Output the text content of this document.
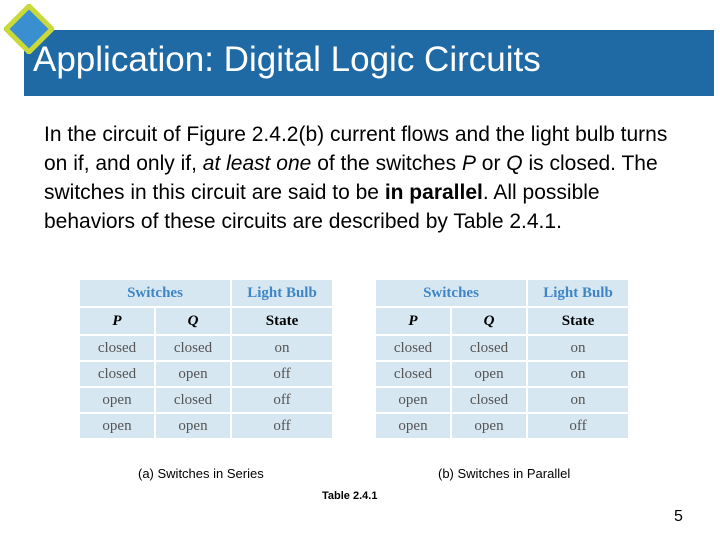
Application: Digital Logic Circuits

In the circuit of Figure 2.4.2(b) current flows and the light bulb turns on if, and only if, at least one of the switches P or Q is closed. The switches in this circuit are said to be in parallel. All possible behaviors of these circuits are described by Table 2.4.1.

Switches		Light Bulb
P	Q	State
closed	closed	on
closed	open	off
open	closed	off
open	open	off
Switches		Light Bulb
P	Q	State
closed	closed	on
closed	open	on
open	closed	on
open	open	off
(a) Switches in Series	(b) Switches in Parallel
Table 2.4.1
5
